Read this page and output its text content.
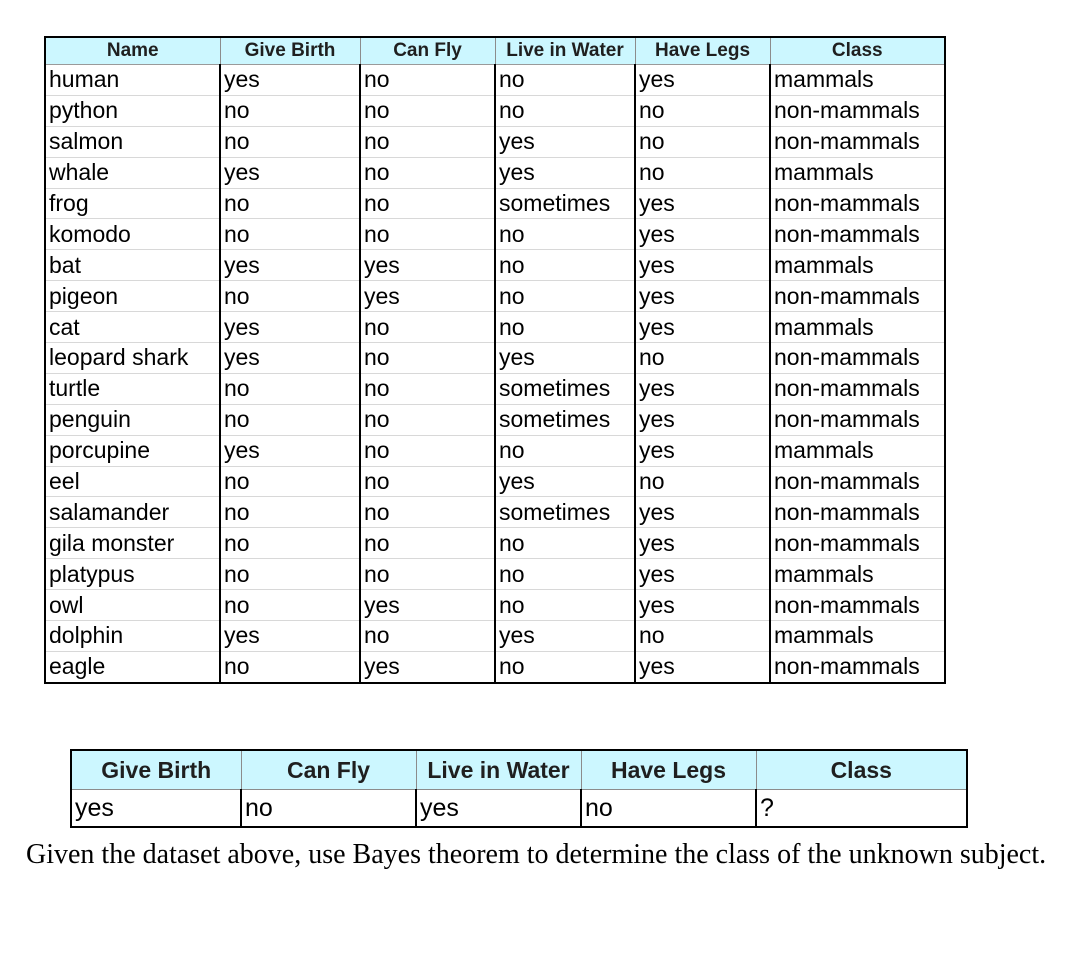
Name	Give Birth	Can Fly	Live in Water	Have Legs	Class
human	yes	no	no	yes	mammals
python	no	no	no	no	non-mammals
salmon	no	no	yes	no	non-mammals
whale	yes	no	yes	no	mammals
frog	no	no	sometimes	yes	non-mammals
komodo	no	no	no	yes	non-mammals
bat	yes	yes	no	yes	mammals
pigeon	no	yes	no	yes	non-mammals
cat	yes	no	no	yes	mammals
leopard shark	yes	no	yes	no	non-mammals
turtle	no	no	sometimes	yes	non-mammals
penguin	no	no	sometimes	yes	non-mammals
porcupine	yes	no	no	yes	mammals
eel	no	no	yes	no	non-mammals
salamander	no	no	sometimes	yes	non-mammals
gila monster	no	no	no	yes	non-mammals
platypus	no	no	no	yes	mammals
owl	no	yes	no	yes	non-mammals
dolphin	yes	no	yes	no	mammals
eagle	no	yes	no	yes	non-mammals
Give Birth	Can Fly	Live in Water	Have Legs	Class
yes	no	yes	no	?

Given the dataset above, use Bayes theorem to determine the class of the unknown subject.
